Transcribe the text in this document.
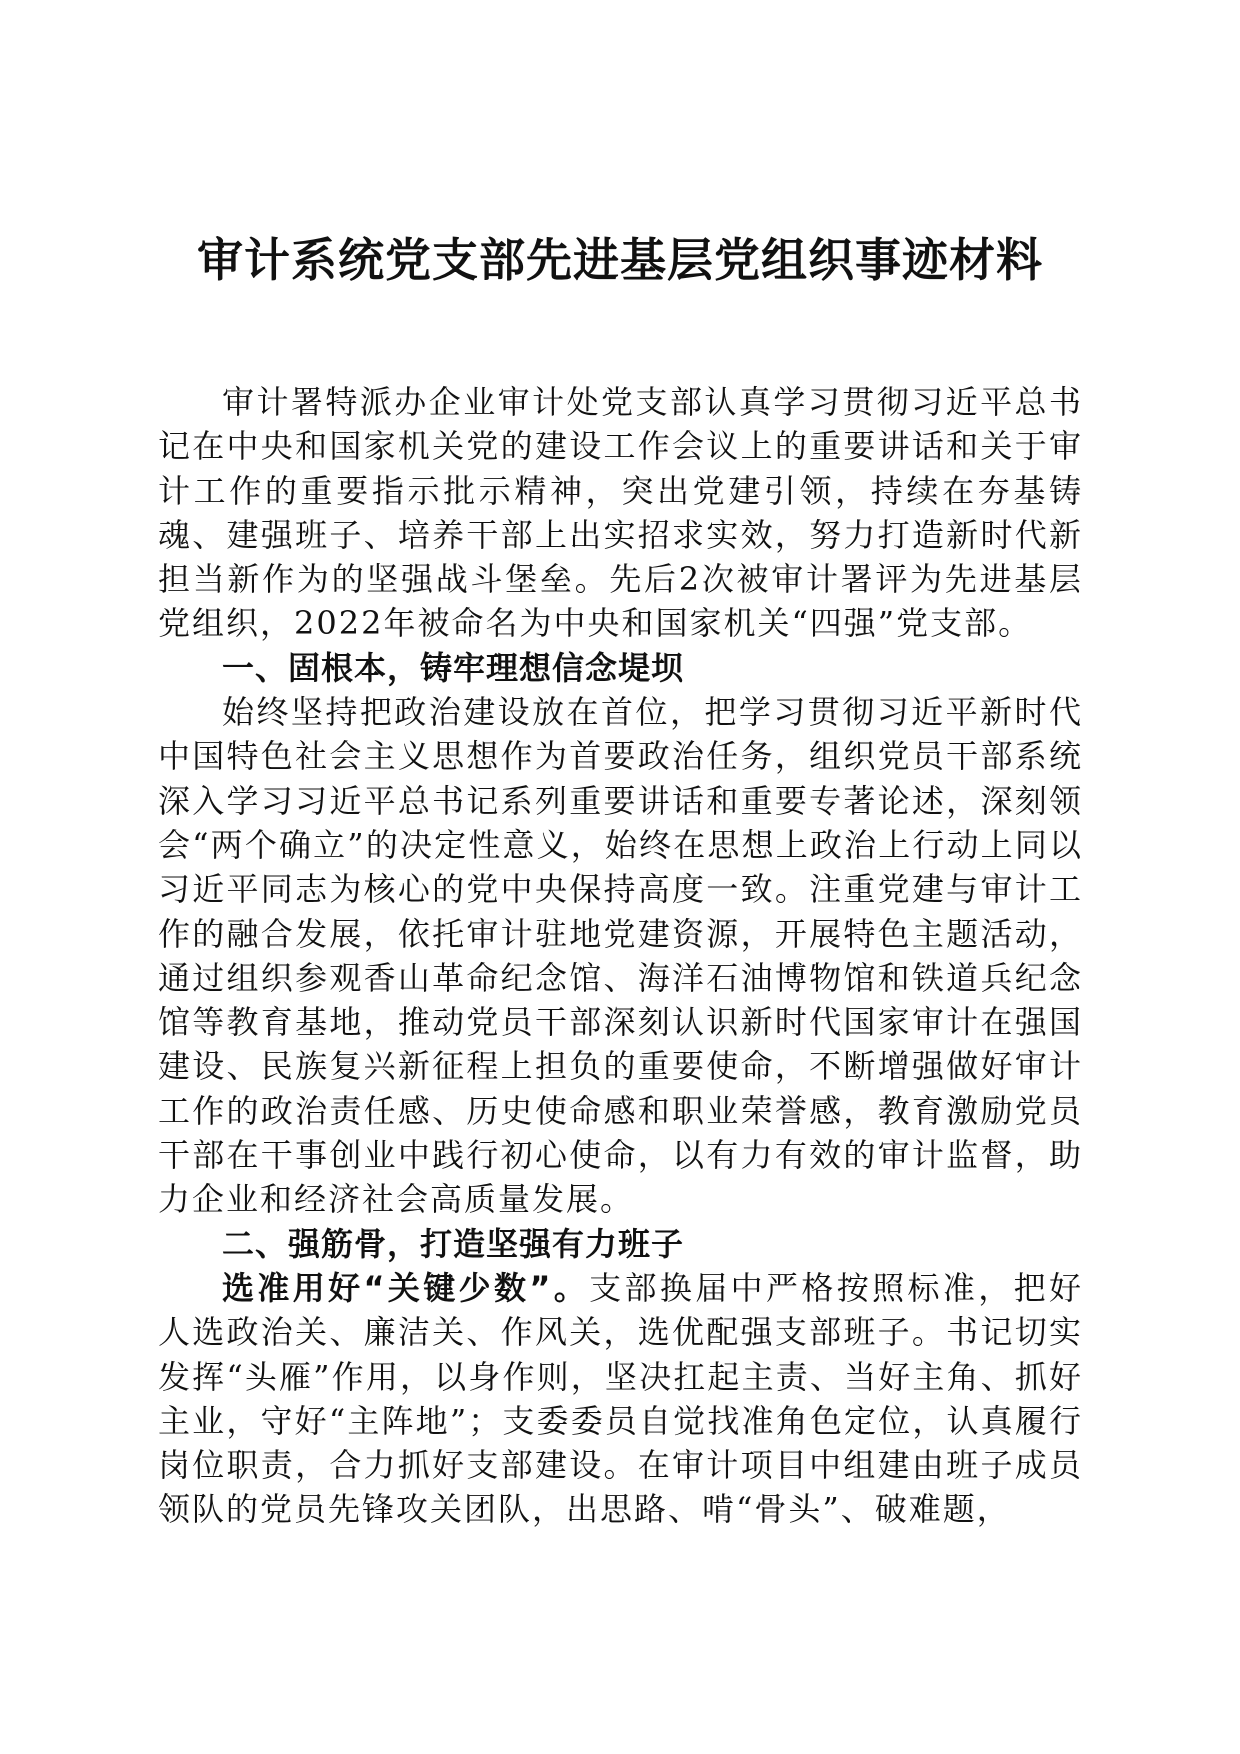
审计系统党支部先进基层党组织事迹材料

审计署特派办企业审计处党支部认真学习贯彻习近平总书记在中央和国家机关党的建设工作会议上的重要讲话和关于审计工作的重要指示批示精神，突出党建引领，持续在夯基铸魂、建强班子、培养干部上出实招求实效，努力打造新时代新担当新作为的坚强战斗堡垒。先后2次被审计署评为先进基层党组织，2022年被命名为中央和国家机关“四强”党支部。

一、固根本，铸牢理想信念堤坝

始终坚持把政治建设放在首位，把学习贯彻习近平新时代中国特色社会主义思想作为首要政治任务，组织党员干部系统深入学习习近平总书记系列重要讲话和重要专著论述，深刻领会“两个确立”的决定性意义，始终在思想上政治上行动上同以习近平同志为核心的党中央保持高度一致。注重党建与审计工作的融合发展，依托审计驻地党建资源，开展特色主题活动，通过组织参观香山革命纪念馆、海洋石油博物馆和铁道兵纪念馆等教育基地，推动党员干部深刻认识新时代国家审计在强国建设、民族复兴新征程上担负的重要使命，不断增强做好审计工作的政治责任感、历史使命感和职业荣誉感，教育激励党员干部在干事创业中践行初心使命，以有力有效的审计监督，助力企业和经济社会高质量发展。

二、强筋骨，打造坚强有力班子

选准用好“关键少数”。支部换届中严格按照标准，把好人选政治关、廉洁关、作风关，选优配强支部班子。书记切实发挥“头雁”作用，以身作则，坚决扛起主责、当好主角、抓好主业，守好“主阵地”；支委委员自觉找准角色定位，认真履行岗位职责，合力抓好支部建设。在审计项目中组建由班子成员领队的党员先锋攻关团队，出思路、啃“骨头”、破难题，
